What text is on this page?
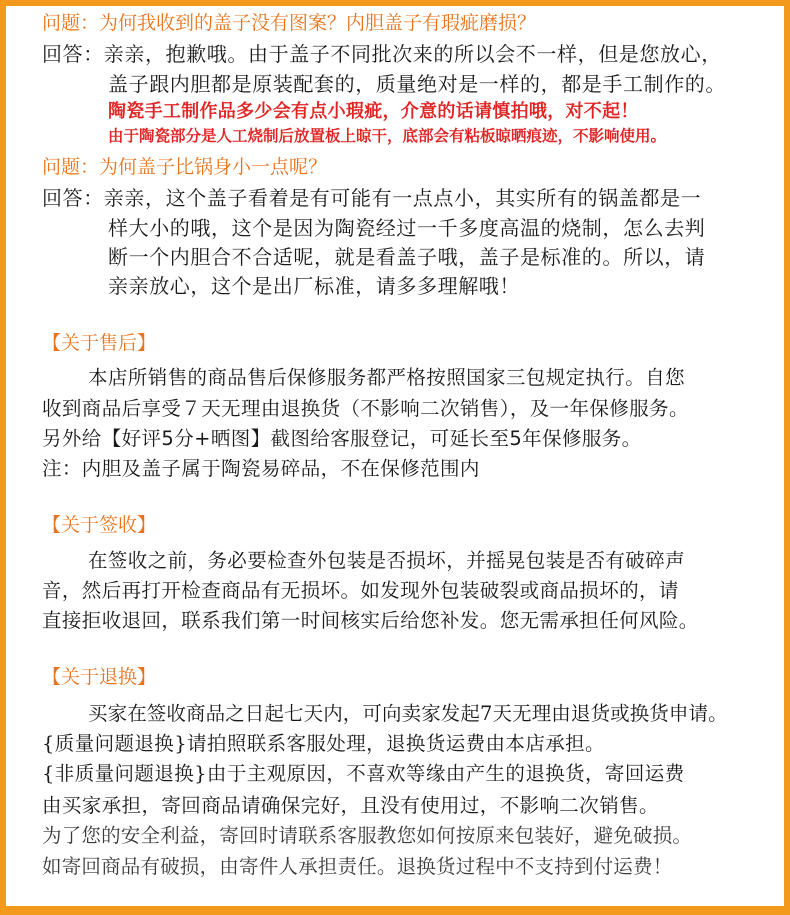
问题：为何我收到的盖子没有图案？内胆盖子有瑕疵磨损？
回答：亲亲，抱歉哦。由于盖子不同批次来的所以会不一样，但是您放心，
盖子跟内胆都是原装配套的，质量绝对是一样的，都是手工制作的。
陶瓷手工制作品多少会有点小瑕疵，介意的话请慎拍哦，对不起！
由于陶瓷部分是人工烧制后放置板上晾干，底部会有粘板晾晒痕迹，不影响使用。
问题：为何盖子比锅身小一点呢？
回答：亲亲，这个盖子看着是有可能有一点点小，其实所有的锅盖都是一
样大小的哦，这个是因为陶瓷经过一千多度高温的烧制，怎么去判
断一个内胆合不合适呢，就是看盖子哦，盖子是标准的。所以，请
亲亲放心，这个是出厂标准，请多多理解哦！
【关于售后】
本店所销售的商品售后保修服务都严格按照国家三包规定执行。自您
收到商品后享受７天无理由退换货（不影响二次销售），及一年保修服务。
另外给【好评5分+晒图】截图给客服登记，可延长至5年保修服务。
注：内胆及盖子属于陶瓷易碎品，不在保修范围内
【关于签收】
在签收之前，务必要检查外包装是否损坏，并摇晃包装是否有破碎声
音，然后再打开检查商品有无损坏。如发现外包装破裂或商品损坏的，请
直接拒收退回，联系我们第一时间核实后给您补发。您无需承担任何风险。
【关于退换】
买家在签收商品之日起七天内，可向卖家发起7天无理由退货或换货申请。
{质量问题退换}请拍照联系客服处理，退换货运费由本店承担。
{非质量问题退换}由于主观原因，不喜欢等缘由产生的退换货，寄回运费
由买家承担，寄回商品请确保完好，且没有使用过，不影响二次销售。
为了您的安全利益，寄回时请联系客服教您如何按原来包装好，避免破损。
如寄回商品有破损，由寄件人承担责任。退换货过程中不支持到付运费！
